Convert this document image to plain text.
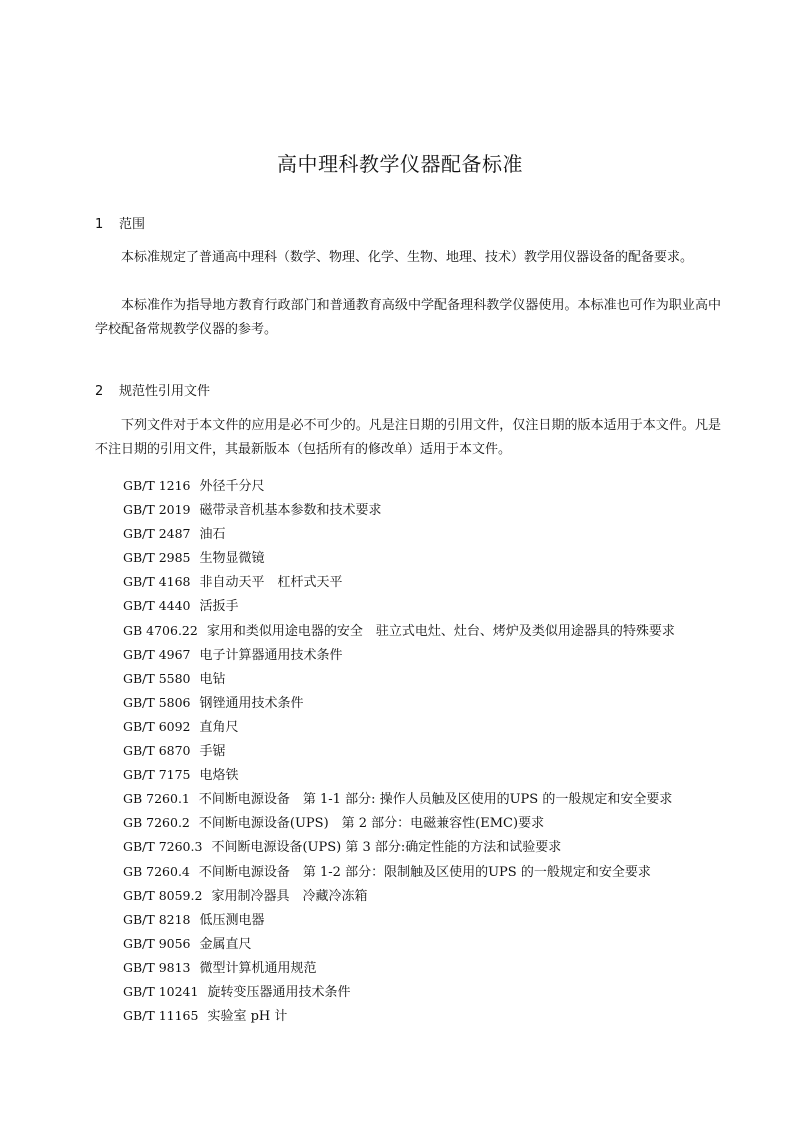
高中理科教学仪器配备标准
1 范围

本标准规定了普通高中理科（数学、物理、化学、生物、地理、技术）教学用仪器设备的配备要求。

本标准作为指导地方教育行政部门和普通教育高级中学配备理科教学仪器使用。本标准也可作为职业高中学校配备常规教学仪器的参考。

2 规范性引用文件

下列文件对于本文件的应用是必不可少的。凡是注日期的引用文件，仅注日期的版本适用于本文件。凡是不注日期的引用文件，其最新版本（包括所有的修改单）适用于本文件。

GB/T 1216 外径千分尺
GB/T 2019 磁带录音机基本参数和技术要求
GB/T 2487 油石
GB/T 2985 生物显微镜
GB/T 4168 非自动天平　杠杆式天平
GB/T 4440 活扳手
GB 4706.22 家用和类似用途电器的安全　驻立式电灶、灶台、烤炉及类似用途器具的特殊要求
GB/T 4967 电子计算器通用技术条件
GB/T 5580 电钻
GB/T 5806 钢锉通用技术条件
GB/T 6092 直角尺
GB/T 6870 手锯
GB/T 7175 电烙铁
GB 7260.1 不间断电源设备　第 1-1 部分: 操作人员触及区使用的UPS 的一般规定和安全要求
GB 7260.2 不间断电源设备(UPS)　第 2 部分：电磁兼容性(EMC)要求
GB/T 7260.3 不间断电源设备(UPS) 第 3 部分:确定性能的方法和试验要求
GB 7260.4 不间断电源设备　第 1-2 部分：限制触及区使用的UPS 的一般规定和安全要求
GB/T 8059.2 家用制冷器具　冷藏冷冻箱
GB/T 8218 低压测电器
GB/T 9056 金属直尺
GB/T 9813 微型计算机通用规范
GB/T 10241 旋转变压器通用技术条件
GB/T 11165 实验室 pH 计
